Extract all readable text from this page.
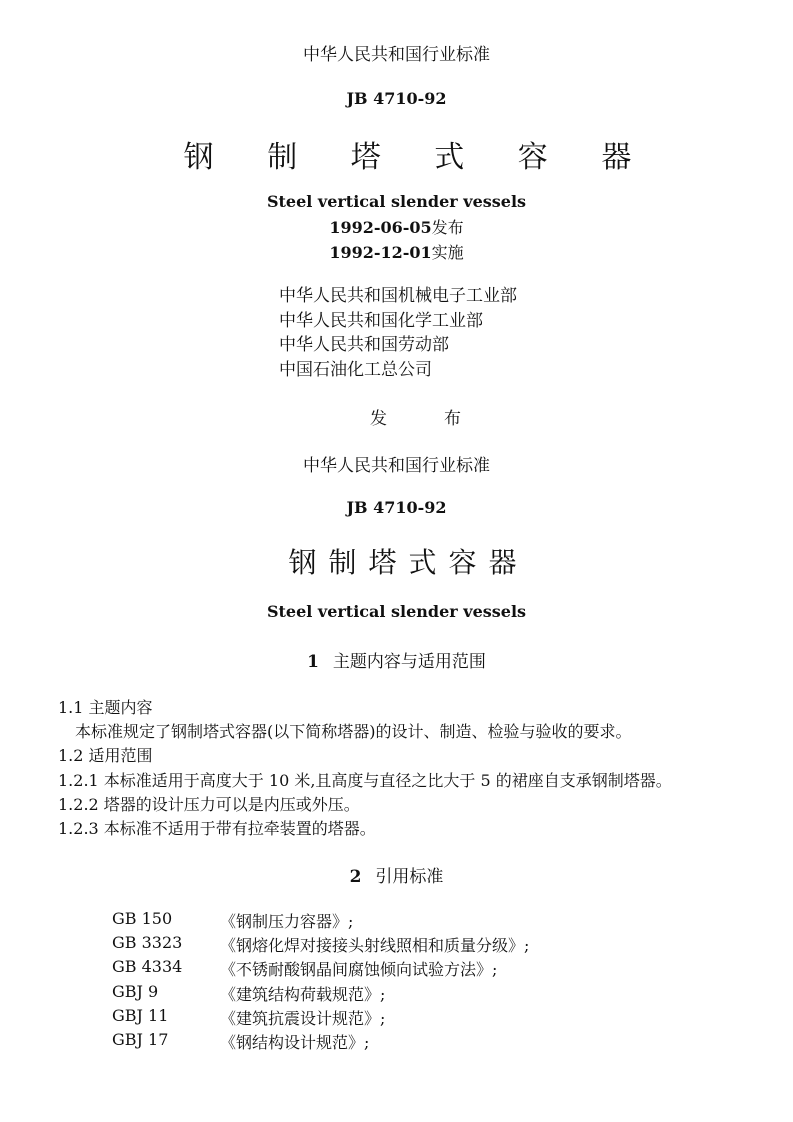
中华人民共和国行业标准
JB 4710-92
钢 制 塔 式 容 器
Steel vertical slender vessels
1992-06-05发布
1992-12-01实施
中华人民共和国机械电子工业部
中华人民共和国化学工业部
中华人民共和国劳动部
中国石油化工总公司
发	布
中华人民共和国行业标准
JB 4710-92
钢制塔式容器
Steel vertical slender vessels
1 主题内容与适用范围
1.1 主题内容
本标准规定了钢制塔式容器(以下简称塔器)的设计、制造、检验与验收的要求。
1.2 适用范围
1.2.1 本标准适用于高度大于 10 米,且高度与直径之比大于 5 的裙座自支承钢制塔器。
1.2.2 塔器的设计压力可以是内压或外压。
1.2.3 本标准不适用于带有拉牵装置的塔器。
2 引用标准
GB 150	《钢制压力容器》;
GB 3323	《钢熔化焊对接接头射线照相和质量分级》;
GB 4334	《不锈耐酸钢晶间腐蚀倾向试验方法》;
GBJ 9	《建筑结构荷载规范》;
GBJ 11	《建筑抗震设计规范》;
GBJ 17	《钢结构设计规范》;
